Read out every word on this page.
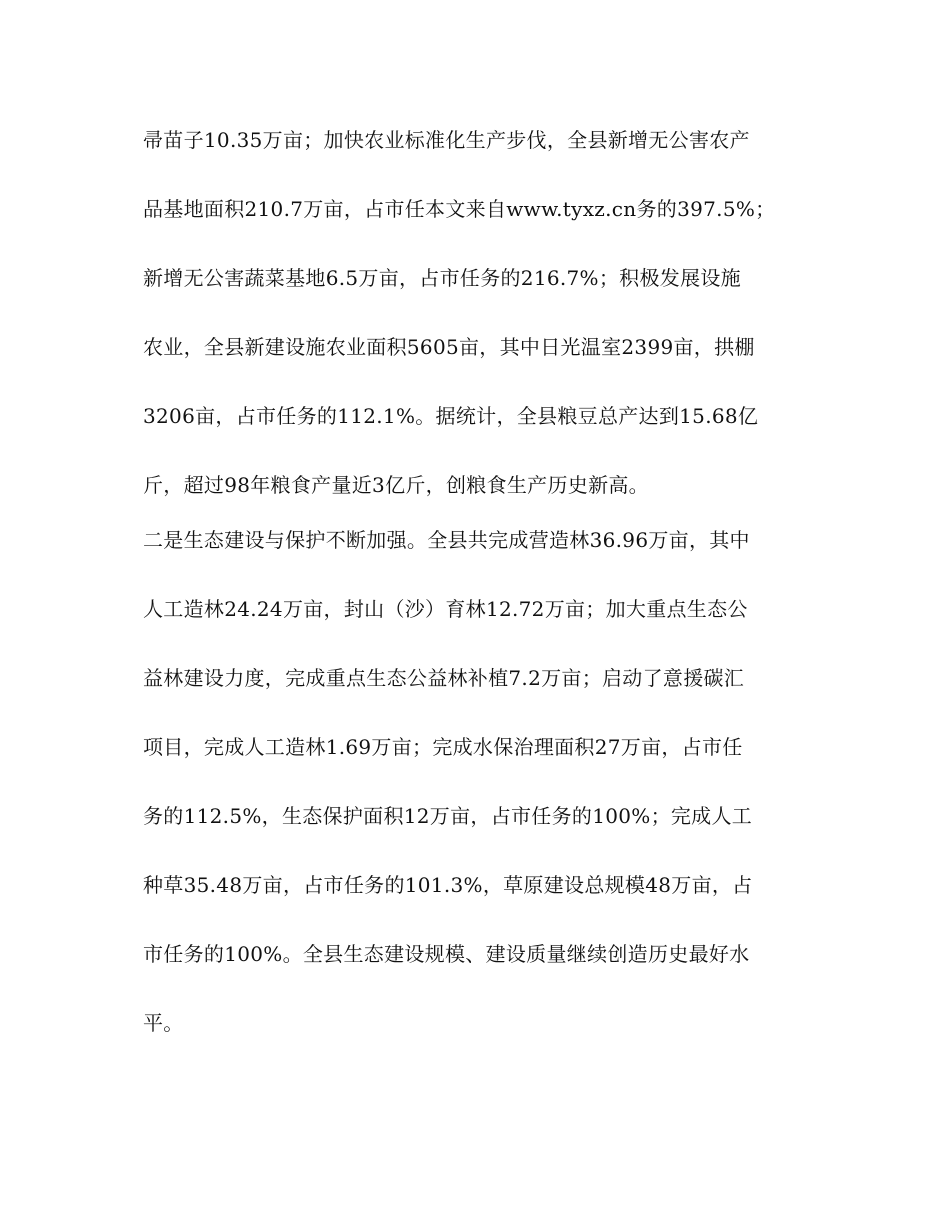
帚苗子10.35万亩；加快农业标准化生产步伐，全县新增无公害农产
品基地面积210.7万亩，占市任本文来自www.tyxz.cn务的397.5%；
新增无公害蔬菜基地6.5万亩，占市任务的216.7%；积极发展设施
农业，全县新建设施农业面积5605亩，其中日光温室2399亩，拱棚
3206亩，占市任务的112.1%。据统计，全县粮豆总产达到15.68亿
斤，超过98年粮食产量近3亿斤，创粮食生产历史新高。
二是生态建设与保护不断加强。全县共完成营造林36.96万亩，其中
人工造林24.24万亩，封山（沙）育林12.72万亩；加大重点生态公
益林建设力度，完成重点生态公益林补植7.2万亩；启动了意援碳汇
项目，完成人工造林1.69万亩；完成水保治理面积27万亩，占市任
务的112.5%，生态保护面积12万亩，占市任务的100%；完成人工
种草35.48万亩，占市任务的101.3%，草原建设总规模48万亩，占
市任务的100%。全县生态建设规模、建设质量继续创造历史最好水
平。
